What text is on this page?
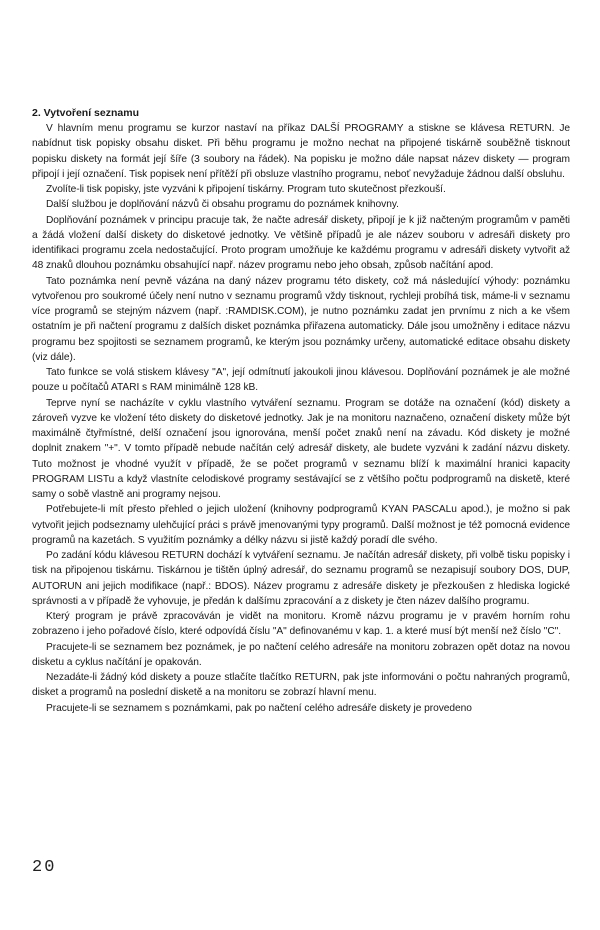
2. Vytvoření seznamu

V hlavním menu programu se kurzor nastaví na příkaz DALŠÍ PROGRAMY a stiskne se klávesa RETURN. Je nabídnut tisk popisky obsahu disket. Při běhu programu je možno nechat na připojené tiskárně souběžně tisknout popisku diskety na formát její šíře (3 soubory na řádek). Na popisku je možno dále napsat název diskety — program připojí i její označení. Tisk popisek není přítěží při obsluze vlastního programu, neboť nevyžaduje žádnou další obsluhu.

Zvolíte-li tisk popisky, jste vyzváni k připojení tiskárny. Program tuto skutečnost přezkouší.

Další službou je doplňování názvů či obsahu programu do poznámek knihovny.

Doplňování poznámek v principu pracuje tak, že načte adresář diskety, připojí je k již načteným programům v paměti a žádá vložení další diskety do disketové jednotky. Ve většině případů je ale název souboru v adresáři diskety pro identifikaci programu zcela nedostačující. Proto program umožňuje ke každému programu v adresáři diskety vytvořit až 48 znaků dlouhou poznámku obsahující např. název programu nebo jeho obsah, způsob načítání apod.

Tato poznámka není pevně vázána na daný název programu této diskety, což má následující výhody: poznámku vytvořenou pro soukromé účely není nutno v seznamu programů vždy tisknout, rychleji probíhá tisk, máme-li v seznamu více programů se stejným názvem (např. :RAMDISK.COM), je nutno poznámku zadat jen prvnímu z nich a ke všem ostatním je při načtení programu z dalších disket poznámka přiřazena automaticky. Dále jsou umožněny i editace názvu programu bez spojitosti se seznamem programů, ke kterým jsou poznámky určeny, automatické editace obsahu diskety (viz dále).

Tato funkce se volá stiskem klávesy "A", její odmítnutí jakoukoli jinou klávesou. Doplňování poznámek je ale možné pouze u počítačů ATARI s RAM minimálně 128 kB.

Teprve nyní se nacházíte v cyklu vlastního vytváření seznamu. Program se dotáže na označení (kód) diskety a zároveň vyzve ke vložení této diskety do disketové jednotky. Jak je na monitoru naznačeno, označení diskety může být maximálně čtyřmístné, delší označení jsou ignorována, menší počet znaků není na závadu. Kód diskety je možné doplnit znakem "+". V tomto případě nebude načítán celý adresář diskety, ale budete vyzváni k zadání názvu diskety. Tuto možnost je vhodné využít v případě, že se počet programů v seznamu blíží k maximální hranici kapacity PROGRAM LISTu a když vlastníte celodiskové programy sestávající se z většího počtu podprogramů na disketě, které samy o sobě vlastně ani programy nejsou.

Potřebujete-li mít přesto přehled o jejich uložení (knihovny podprogramů KYAN PASCALu apod.), je možno si pak vytvořit jejich podseznamy ulehčující práci s právě jmenovanými typy programů. Další možnost je též pomocná evidence programů na kazetách. S využitím poznámky a délky názvu si jistě každý poradí dle svého.

Po zadání kódu klávesou RETURN dochází k vytváření seznamu. Je načítán adresář diskety, při volbě tisku popisky i tisk na připojenou tiskárnu. Tiskárnou je tištěn úplný adresář, do seznamu programů se nezapisují soubory DOS, DUP, AUTORUN ani jejich modifikace (např.: BDOS). Název programu z adresáře diskety je přezkoušen z hlediska logické správnosti a v případě že vyhovuje, je předán k dalšímu zpracování a z diskety je čten název dalšího programu.

Který program je právě zpracováván je vidět na monitoru. Kromě názvu programu je v pravém horním rohu zobrazeno i jeho pořadové číslo, které odpovídá číslu "A" definovanému v kap. 1. a které musí být menší než číslo "C".

Pracujete-li se seznamem bez poznámek, je po načtení celého adresáře na monitoru zobrazen opět dotaz na novou disketu a cyklus načítání je opakován.

Nezadáte-li žádný kód diskety a pouze stlačíte tlačítko RETURN, pak jste informováni o počtu nahraných programů, disket a programů na poslední disketě a na monitoru se zobrazí hlavní menu.

Pracujete-li se seznamem s poznámkami, pak po načtení celého adresáře diskety je provedeno

20
